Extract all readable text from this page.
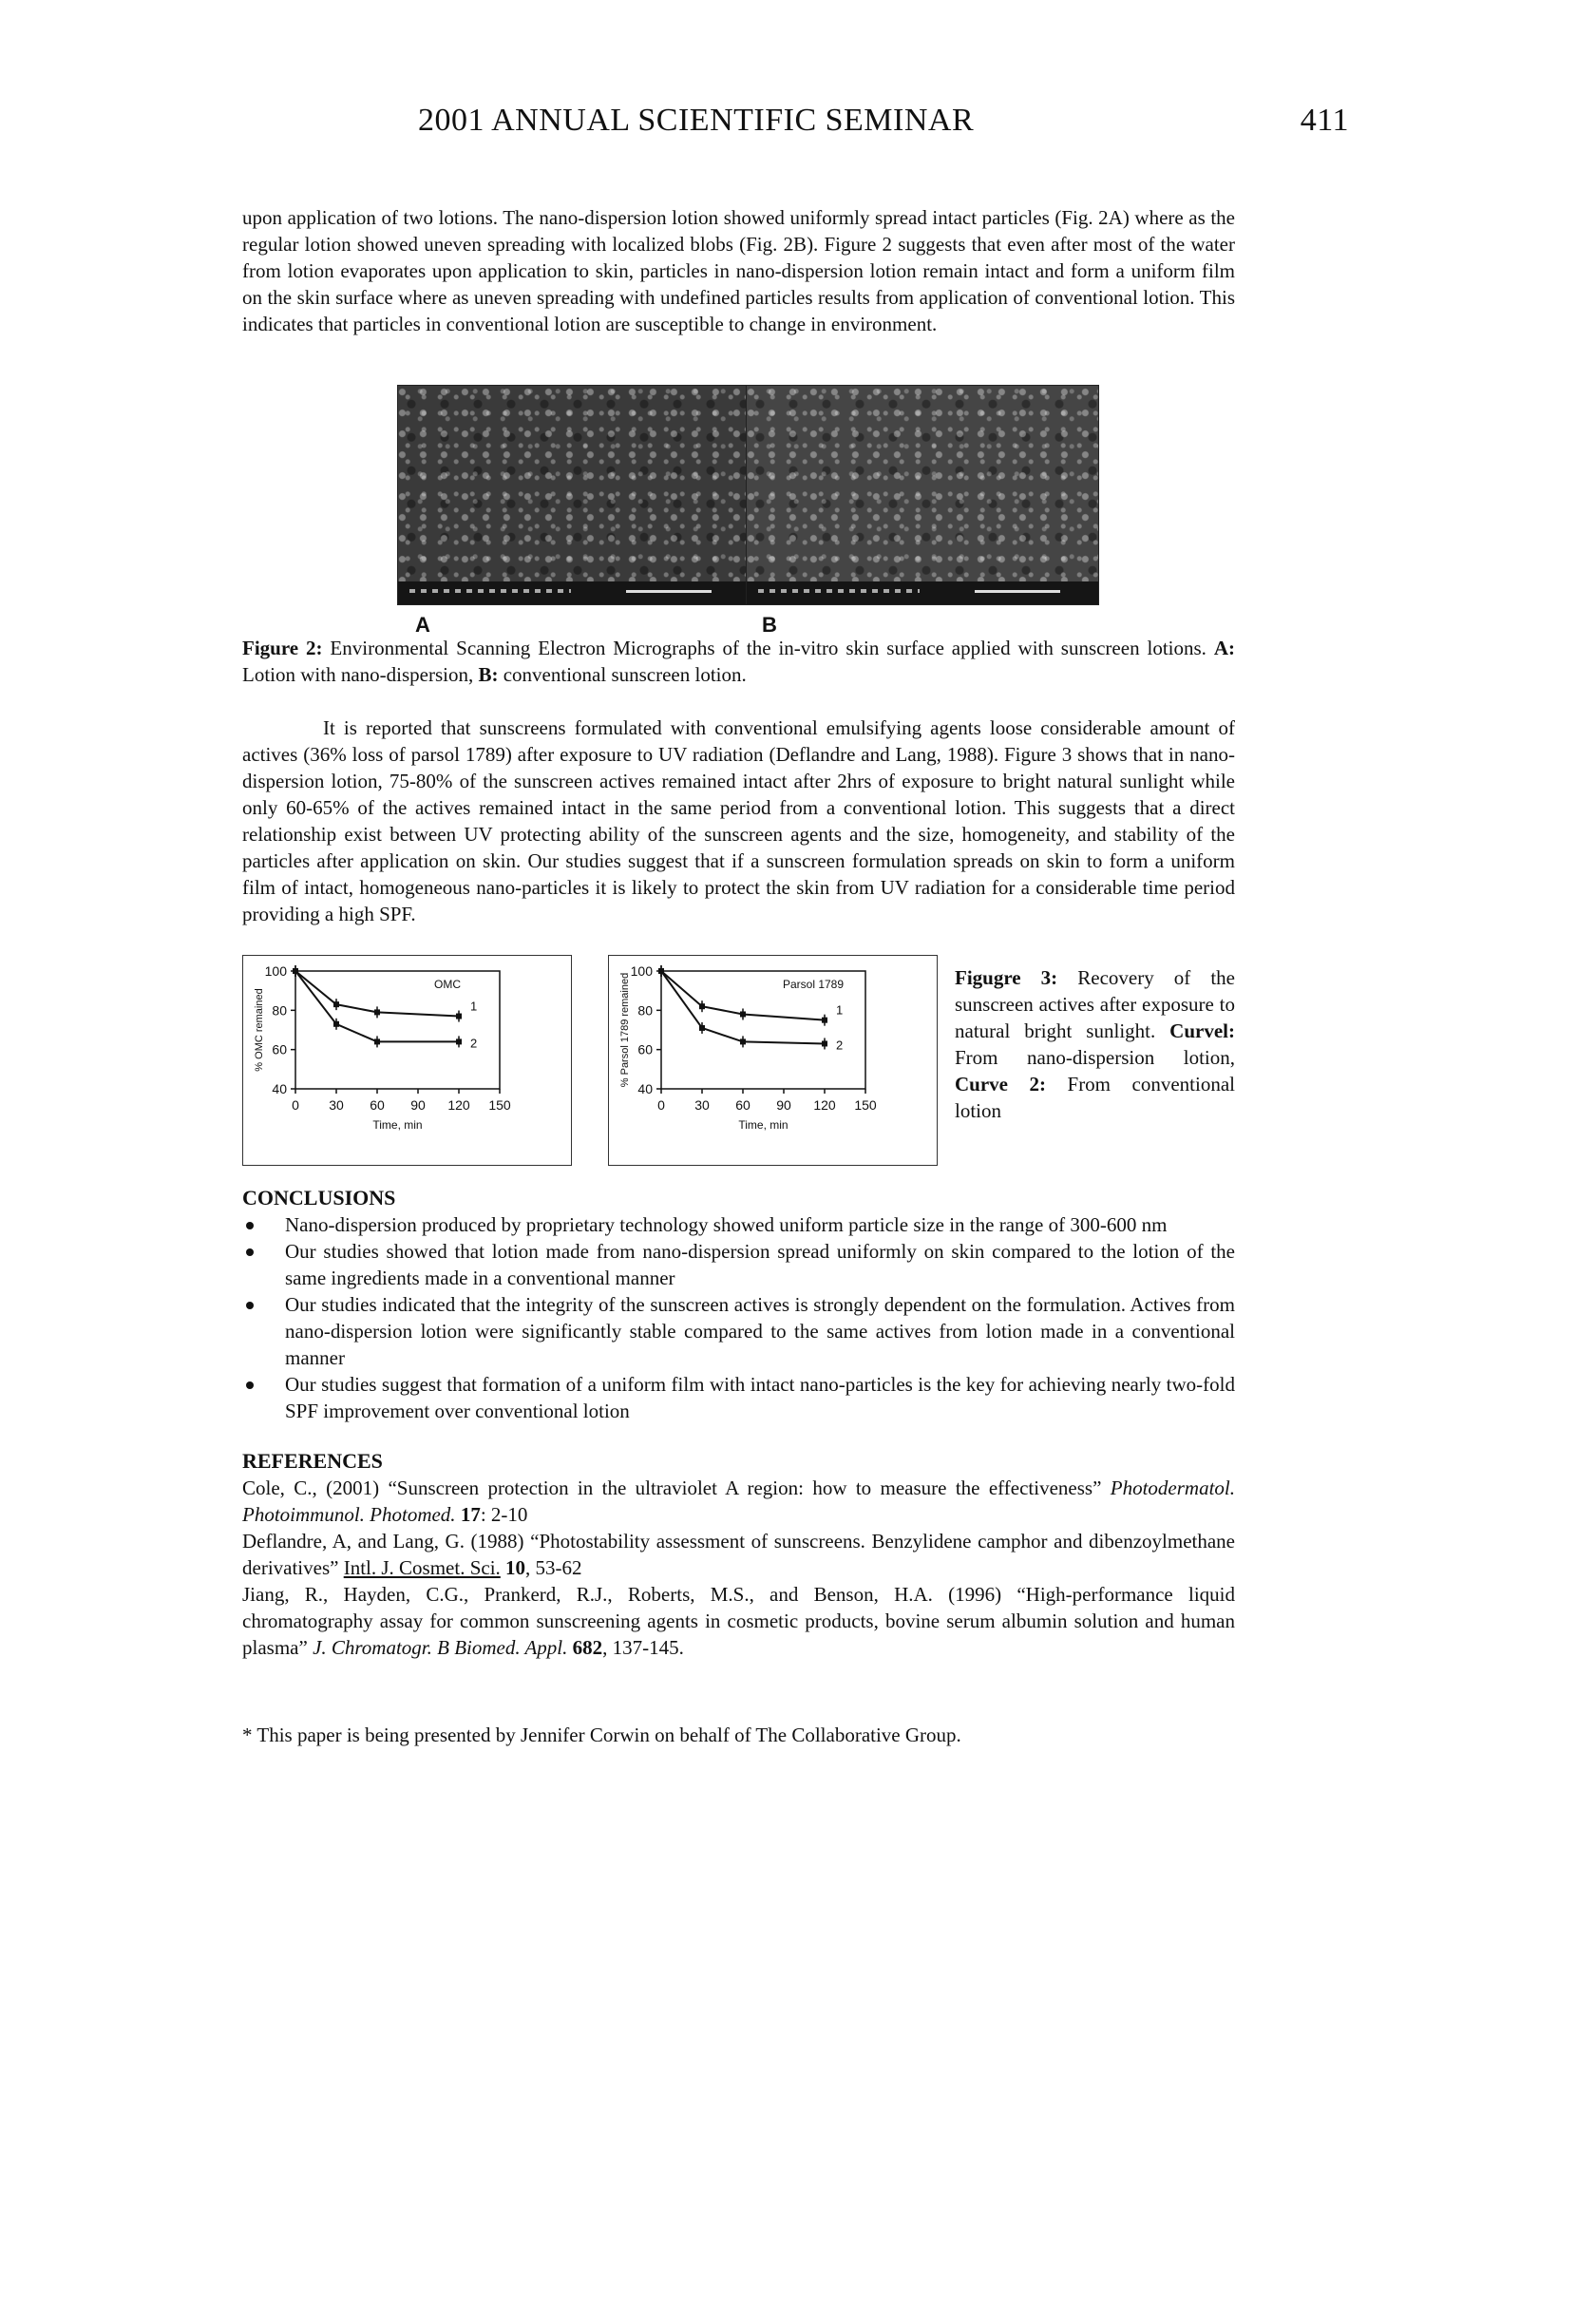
2001 ANNUAL SCIENTIFIC SEMINAR	411

upon application of two lotions. The nano-dispersion lotion showed uniformly spread intact particles (Fig. 2A) where as the regular lotion showed uneven spreading with localized blobs (Fig. 2B). Figure 2 suggests that even after most of the water from lotion evaporates upon application to skin, particles in nano-dispersion lotion remain intact and form a uniform film on the skin surface where as uneven spreading with undefined particles results from application of conventional lotion. This indicates that particles in conventional lotion are susceptible to change in environment.

A	B

Figure 2: Environmental Scanning Electron Micrographs of the in-vitro skin surface applied with sunscreen lotions. A: Lotion with nano-dispersion, B: conventional sunscreen lotion.

It is reported that sunscreens formulated with conventional emulsifying agents loose considerable amount of actives (36% loss of parsol 1789) after exposure to UV radiation (Deflandre and Lang, 1988). Figure 3 shows that in nano-dispersion lotion, 75-80% of the sunscreen actives remained intact after 2hrs of exposure to bright natural sunlight while only 60-65% of the actives remained intact in the same period from a conventional lotion. This suggests that a direct relationship exist between UV protecting ability of the sunscreen agents and the size, homogeneity, and stability of the particles after application on skin. Our studies suggest that if a sunscreen formulation spreads on skin to form a uniform film of intact, homogeneous nano-particles it is likely to protect the skin from UV radiation for a considerable time period providing a high SPF.

40
60
80
100
0 30 60 90 120 150
Time, min
% OMC remained
OMC
1
2
40
60
80
100
0 30 60 90 120 150
Time, min
% Parsol 1789 remained	Parsol 1789
1
2

Figugre 3: Recovery of the sunscreen actives after exposure to natural bright sunlight. Curvel: From nano-dispersion lotion, Curve 2: From conventional lotion

CONCLUSIONS
Nano-dispersion produced by proprietary technology showed uniform particle size in the range of 300-600 nm
Our studies showed that lotion made from nano-dispersion spread uniformly on skin compared to the lotion of the same ingredients made in a conventional manner
Our studies indicated that the integrity of the sunscreen actives is strongly dependent on the formulation. Actives from nano-dispersion lotion were significantly stable compared to the same actives from lotion made in a conventional manner
Our studies suggest that formation of a uniform film with intact nano-particles is the key for achieving nearly two-fold SPF improvement over conventional lotion
REFERENCES

Cole, C., (2001) “Sunscreen protection in the ultraviolet A region: how to measure the effectiveness” Photodermatol. Photoimmunol. Photomed. 17: 2-10

Deflandre, A, and Lang, G. (1988) “Photostability assessment of sunscreens. Benzylidene camphor and dibenzoylmethane derivatives” Intl. J. Cosmet. Sci. 10, 53-62

Jiang, R., Hayden, C.G., Prankerd, R.J., Roberts, M.S., and Benson, H.A. (1996) “High-performance liquid chromatography assay for common sunscreening agents in cosmetic products, bovine serum albumin solution and human plasma” J. Chromatogr. B Biomed. Appl. 682, 137-145.

* This paper is being presented by Jennifer Corwin on behalf of The Collaborative Group.
